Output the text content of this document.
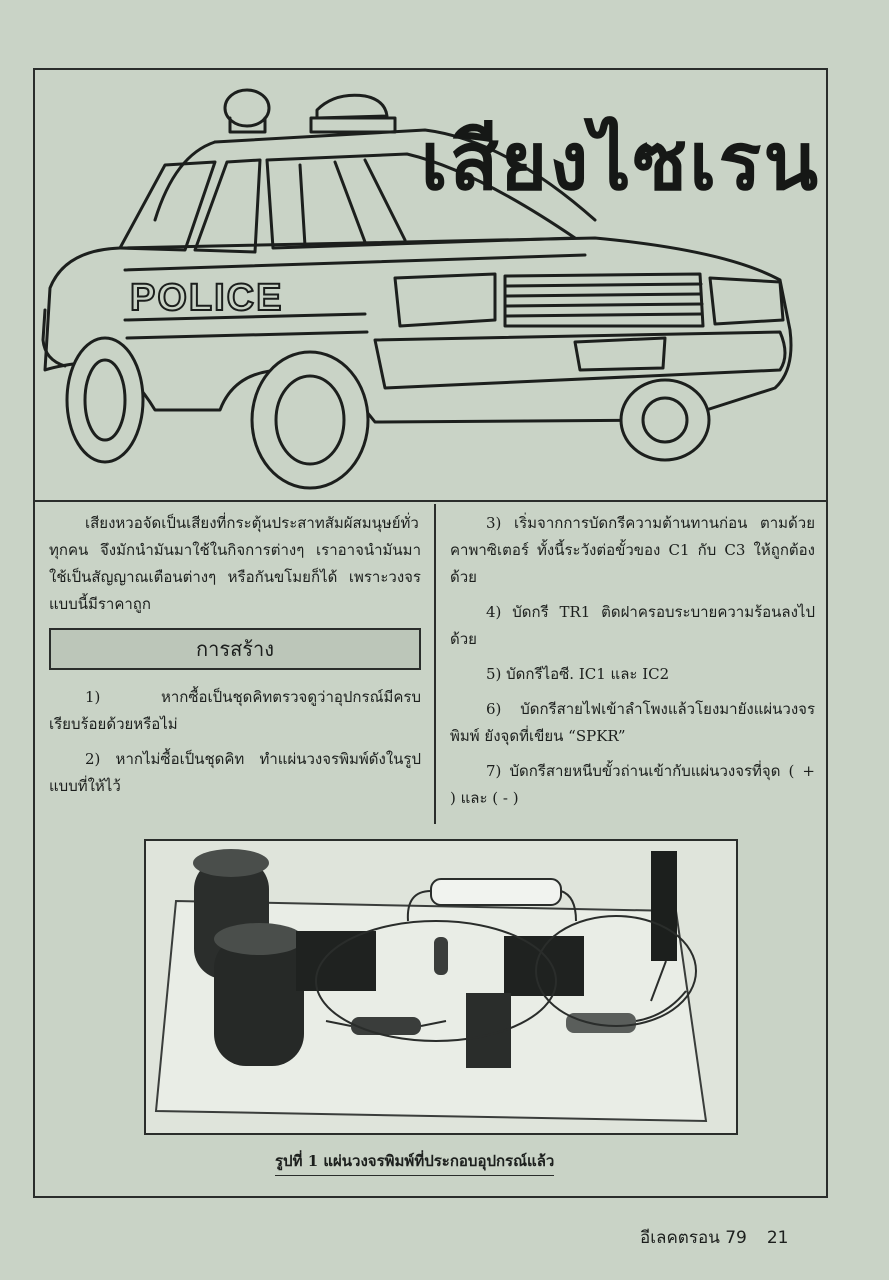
POLICE
เสียงไซเรน

เสียงหวอจัดเป็นเสียงที่กระตุ้นประสาทสัมผัสมนุษย์ทั่วทุกคน จึงมักนำมันมาใช้ในกิจการต่างๆ เราอาจนำมันมาใช้เป็นสัญญาณเตือนต่างๆ หรือกันขโมยก็ได้ เพราะวงจรแบบนี้มีราคาถูก

การสร้าง

1) หากซื้อเป็นชุดคิทตรวจดูว่าอุปกรณ์มีครบเรียบร้อยด้วยหรือไม่

2) หากไม่ซื้อเป็นชุดคิท ทำแผ่นวงจรพิมพ์ดังในรูปแบบที่ให้ไว้

3) เริ่มจากการบัดกรีความต้านทานก่อน ตามด้วยคาพาซิเตอร์ ทั้งนี้ระวังต่อขั้วของ C1 กับ C3 ให้ถูกต้องด้วย

4) บัดกรี TR1 ติดฝาครอบระบายความร้อนลงไปด้วย

5) บัดกรีไอซี. IC1 และ IC2

6) บัดกรีสายไฟเข้าลำโพงแล้วโยงมายังแผ่นวงจรพิมพ์ ยังจุดที่เขียน “SPKR”

7) บัดกรีสายหนีบขั้วถ่านเข้ากับแผ่นวงจรที่จุด ( + ) และ ( - )

รูปที่ 1 แผ่นวงจรพิมพ์ที่ประกอบอุปกรณ์แล้ว
อีเลคตรอน 79 21
